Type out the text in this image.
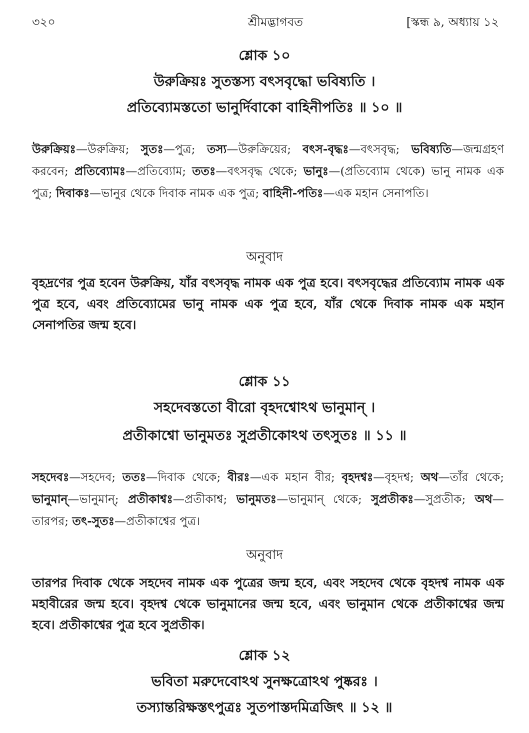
৩২০	শ্রীমদ্ভাগবত	[স্কন্ধ ৯, অধ্যায় ১২
শ্লোক ১০
উরুক্রিয়ঃ সুতস্তস্য বৎসবৃদ্ধো ভবিষ্যতি ।
প্রতিব্যোমস্ততো ভানুর্দিবাকো বাহিনীপতিঃ ॥ ১০ ॥
উরুক্রিয়ঃ—উরুক্রিয়; সুতঃ—পুত্র; তস্য—উরুক্রিয়ের; বৎস-বৃদ্ধঃ—বৎসবৃদ্ধ; ভবিষ্যতি—জন্মগ্রহণ করবেন; প্রতিব্যোমঃ—প্রতিব্যোম; ততঃ—বৎসবৃদ্ধ থেকে; ভানুঃ—(প্রতিব্যোম থেকে) ভানু নামক এক পুত্র; দিবাকঃ—ভানুর থেকে দিবাক নামক এক পুত্র; বাহিনী-পতিঃ—এক মহান সেনাপতি।
অনুবাদ
বৃহদ্রণের পুত্র হবেন উরুক্রিয়, যাঁর বৎসবৃদ্ধ নামক এক পুত্র হবে। বৎসবৃদ্ধের প্রতিব্যোম নামক এক পুত্র হবে, এবং প্রতিব্যোমের ভানু নামক এক পুত্র হবে, যাঁর থেকে দিবাক নামক এক মহান সেনাপতির জন্ম হবে।
শ্লোক ১১
সহদেবস্ততো বীরো বৃহদশ্বোঽথ ভানুমান্ ।
প্রতীকাশ্বো ভানুমতঃ সুপ্রতীকোঽথ তৎসুতঃ ॥ ১১ ॥
সহদেবঃ—সহদেব; ততঃ—দিবাক থেকে; বীরঃ—এক মহান বীর; বৃহদশ্বঃ—বৃহদশ্ব; অথ—তাঁর থেকে; ভানুমান্—ভানুমান্; প্রতীকাশ্বঃ—প্রতীকাশ্ব; ভানুমতঃ—ভানুমান্ থেকে; সুপ্রতীকঃ—সুপ্রতীক; অথ—তারপর; তৎ-সুতঃ—প্রতীকাশ্বের পুত্র।
অনুবাদ
তারপর দিবাক থেকে সহদেব নামক এক পুত্রের জন্ম হবে, এবং সহদেব থেকে বৃহদশ্ব নামক এক মহাবীরের জন্ম হবে। বৃহদশ্ব থেকে ভানুমানের জন্ম হবে, এবং ভানুমান থেকে প্রতীকাশ্বের জন্ম হবে। প্রতীকাশ্বের পুত্র হবে সুপ্রতীক।
শ্লোক ১২
ভবিতা মরুদেবোঽথ সুনক্ষত্রোঽথ পুষ্করঃ ।
তস্যান্তরিক্ষস্তৎপুত্রঃ সুতপাস্তদমিত্রজিৎ ॥ ১২ ॥
